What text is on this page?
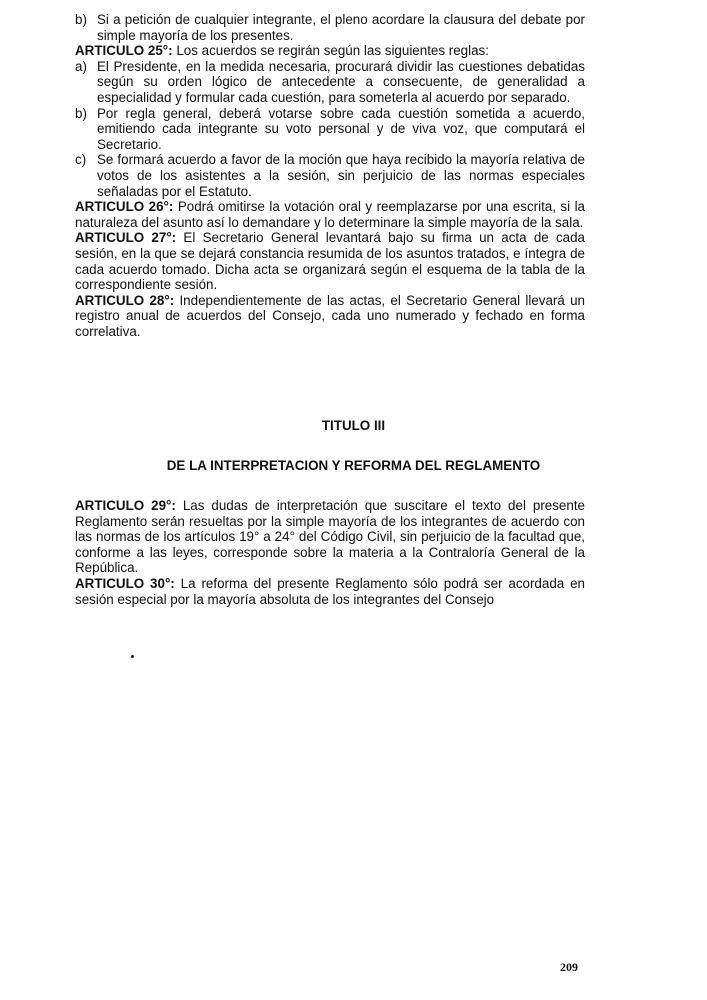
b) Si a petición de cualquier integrante, el pleno acordare la clausura del debate por simple mayoría de los presentes.

ARTICULO 25°: Los acuerdos se regirán según las siguientes reglas:

a) El Presidente, en la medida necesaria, procurará dividir las cuestiones debatidas según su orden lógico de antecedente a consecuente, de generalidad a especialidad y formular cada cuestión, para someterla al acuerdo por separado.
b) Por regla general, deberá votarse sobre cada cuestión sometida a acuerdo, emitiendo cada integrante su voto personal y de viva voz, que computará el Secretario.
c) Se formará acuerdo a favor de la moción que haya recibido la mayoría relativa de votos de los asistentes a la sesión, sin perjuicio de las normas especiales señaladas por el Estatuto.

ARTICULO 26°: Podrá omitirse la votación oral y reemplazarse por una escrita, si la naturaleza del asunto así lo demandare y lo determinare la simple mayoría de la sala.

ARTICULO 27°: El Secretario General levantará bajo su firma un acta de cada sesión, en la que se dejará constancia resumida de los asuntos tratados, e íntegra de cada acuerdo tomado. Dicha acta se organizará según el esquema de la tabla de la correspondiente sesión.

ARTICULO 28°: Independientemente de las actas, el Secretario General llevará un registro anual de acuerdos del Consejo, cada uno numerado y fechado en forma correlativa.

TITULO III
DE LA INTERPRETACION Y REFORMA DEL REGLAMENTO

ARTICULO 29°: Las dudas de interpretación que suscitare el texto del presente Reglamento serán resueltas por la simple mayoría de los integrantes de acuerdo con las normas de los artículos 19° a 24° del Código Civil, sin perjuicio de la facultad que, conforme a las leyes, corresponde sobre la materia a la Contraloría General de la República.

ARTICULO 30°: La reforma del presente Reglamento sólo podrá ser acordada en sesión especial por la mayoría absoluta de los integrantes del Consejo

209
